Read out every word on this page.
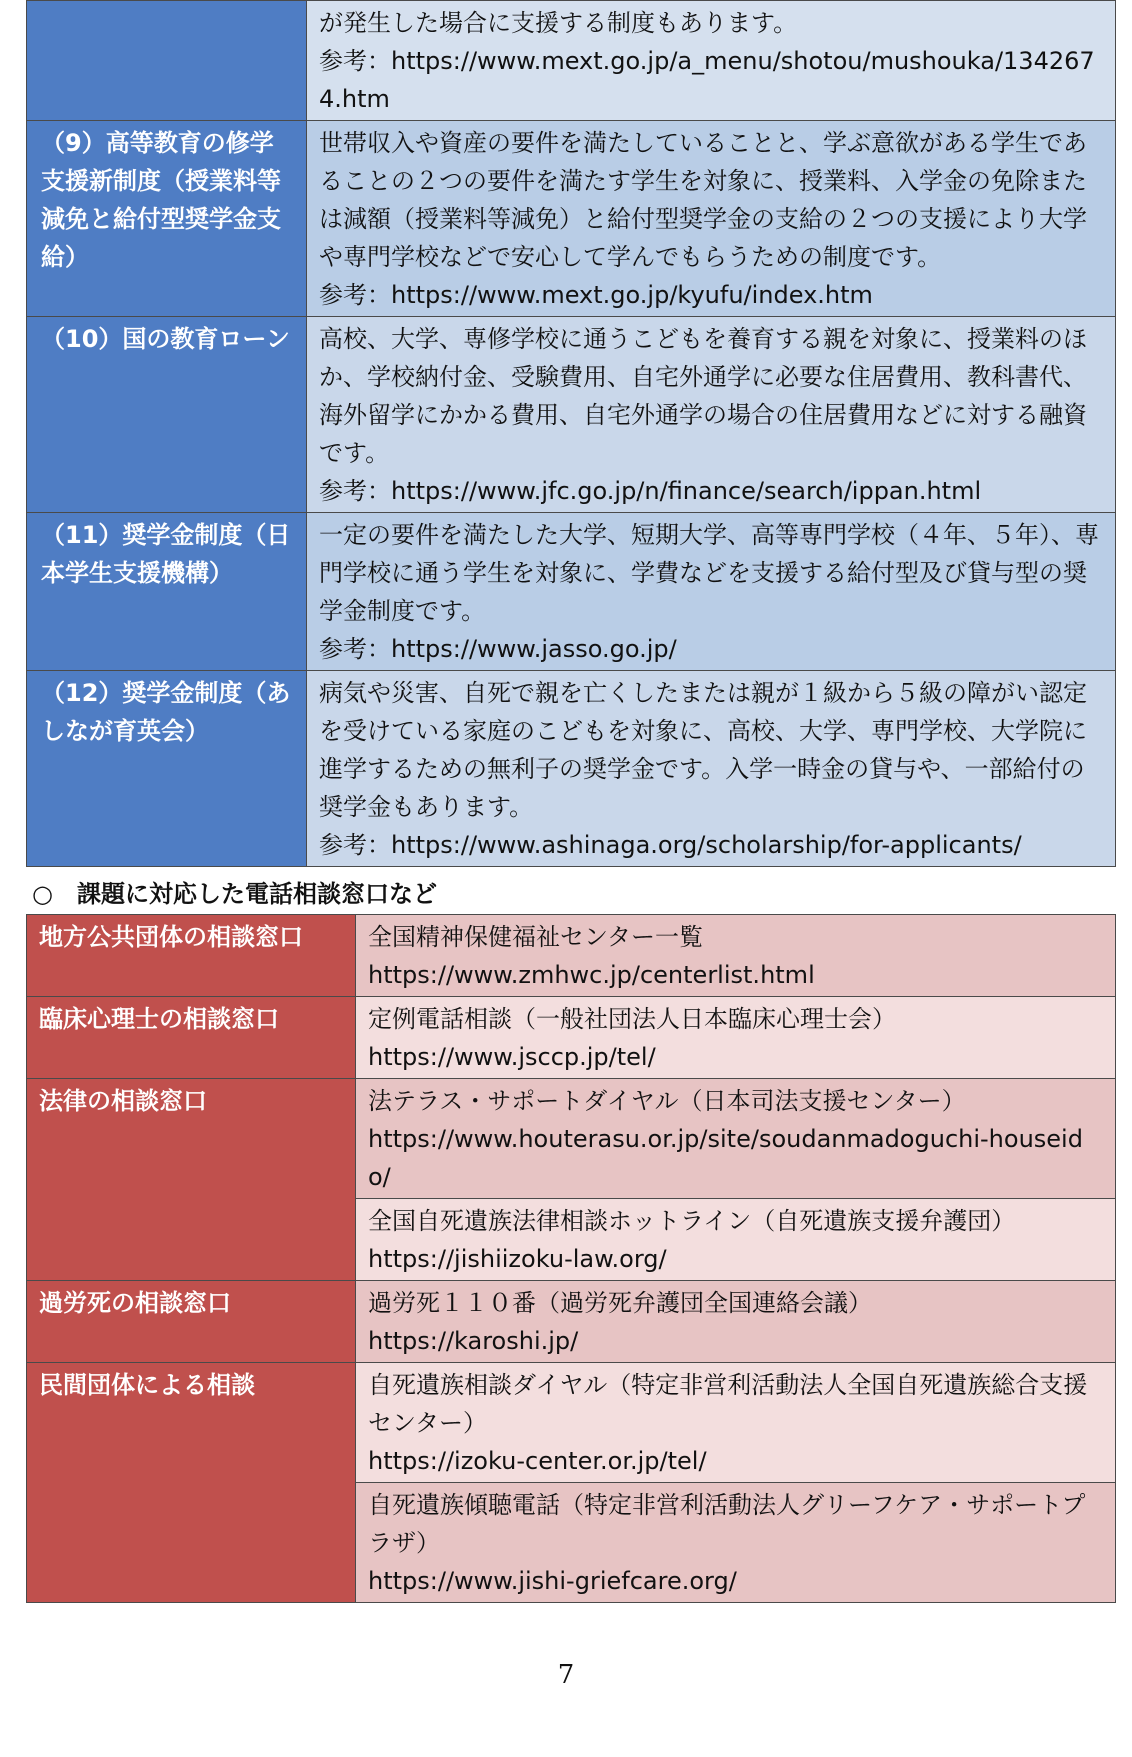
	が発生した場合に支援する制度もあります。
参考：https://www.mext.go.jp/a_menu/shotou/mushouka/1342674.htm

（9）高等教育の修学支援新制度（授業料等減免と給付型奨学金支給）	世帯収入や資産の要件を満たしていることと、学ぶ意欲がある学生であることの２つの要件を満たす学生を対象に、授業料、入学金の免除または減額（授業料等減免）と給付型奨学金の支給の２つの支援により大学や専門学校などで安心して学んでもらうための制度です。
参考：https://www.mext.go.jp/kyufu/index.htm

（10）国の教育ローン	高校、大学、専修学校に通うこどもを養育する親を対象に、授業料のほか、学校納付金、受験費用、自宅外通学に必要な住居費用、教科書代、海外留学にかかる費用、自宅外通学の場合の住居費用などに対する融資です。
参考：https://www.jfc.go.jp/n/finance/search/ippan.html

（11）奨学金制度（日本学生支援機構）	一定の要件を満たした大学、短期大学、高等専門学校（４年、５年）、専門学校に通う学生を対象に、学費などを支援する給付型及び貸与型の奨学金制度です。
参考：https://www.jasso.go.jp/

（12）奨学金制度（あしなが育英会）	病気や災害、自死で親を亡くしたまたは親が１級から５級の障がい認定を受けている家庭のこどもを対象に、高校、大学、専門学校、大学院に進学するための無利子の奨学金です。入学一時金の貸与や、一部給付の奨学金もあります。
参考：https://www.ashinaga.org/scholarship/for-applicants/
○　課題に対応した電話相談窓口など
地方公共団体の相談窓口	全国精神保健福祉センター一覧
https://www.zmhwc.jp/centerlist.html

臨床心理士の相談窓口	定例電話相談（一般社団法人日本臨床心理士会）
https://www.jsccp.jp/tel/

法律の相談窓口	法テラス・サポートダイヤル（日本司法支援センター）
https://www.houterasu.or.jp/site/soudanmadoguchi-houseido/

	全国自死遺族法律相談ホットライン（自死遺族支援弁護団）
https://jishiizoku-law.org/

過労死の相談窓口	過労死１１０番（過労死弁護団全国連絡会議）
https://karoshi.jp/

民間団体による相談	自死遺族相談ダイヤル（特定非営利活動法人全国自死遺族総合支援センター）
https://izoku-center.or.jp/tel/

	自死遺族傾聴電話（特定非営利活動法人グリーフケア・サポートプラザ）
https://www.jishi-griefcare.org/
7
